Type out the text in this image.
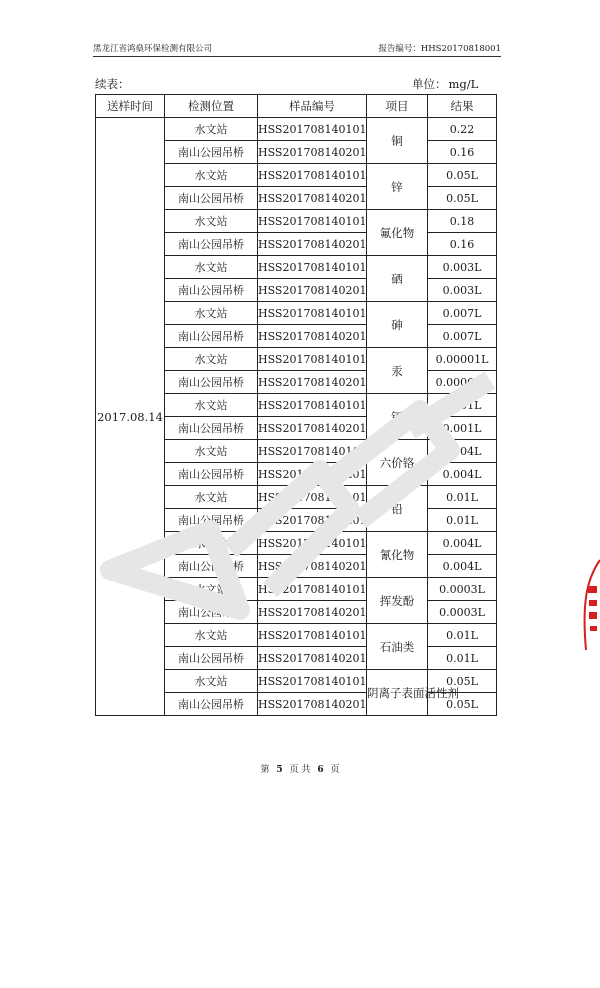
黑龙江省鸿燊环保检测有限公司	报告编号：HHS20170818001
续表：	单位： mg/L
送样时间	检测位置	样品编号	项目	结果
2017.08.14	水文站	HSS201708140101	铜	0.22
	南山公园吊桥	HSS201708140201		0.16
	水文站	HSS201708140101	锌	0.05L
	南山公园吊桥	HSS201708140201		0.05L
	水文站	HSS201708140101	氟化物	0.18
	南山公园吊桥	HSS201708140201		0.16
	水文站	HSS201708140101	硒	0.003L
	南山公园吊桥	HSS201708140201		0.003L
	水文站	HSS201708140101	砷	0.007L
	南山公园吊桥	HSS201708140201		0.007L
	水文站	HSS201708140101	汞	0.00001L
	南山公园吊桥	HSS201708140201		0.00001L
	水文站	HSS201708140101	镉	0.001L
	南山公园吊桥	HSS201708140201		0.001L
	水文站	HSS201708140101	六价铬	0.004L
	南山公园吊桥	HSS201708140201		0.004L
	水文站	HSS201708140101	铅	0.01L
	南山公园吊桥	HSS201708140201		0.01L
	水文站	HSS201708140101	氰化物	0.004L
	南山公园吊桥	HSS201708140201		0.004L
	水文站	HSS201708140101	挥发酚	0.0003L
	南山公园吊桥	HSS201708140201		0.0003L
	水文站	HSS201708140101	石油类	0.01L
	南山公园吊桥	HSS201708140201		0.01L
	水文站	HSS201708140101	阴离子表面活性剂	0.05L
	南山公园吊桥	HSS201708140201		0.05L
第 5 页 共 6 页
